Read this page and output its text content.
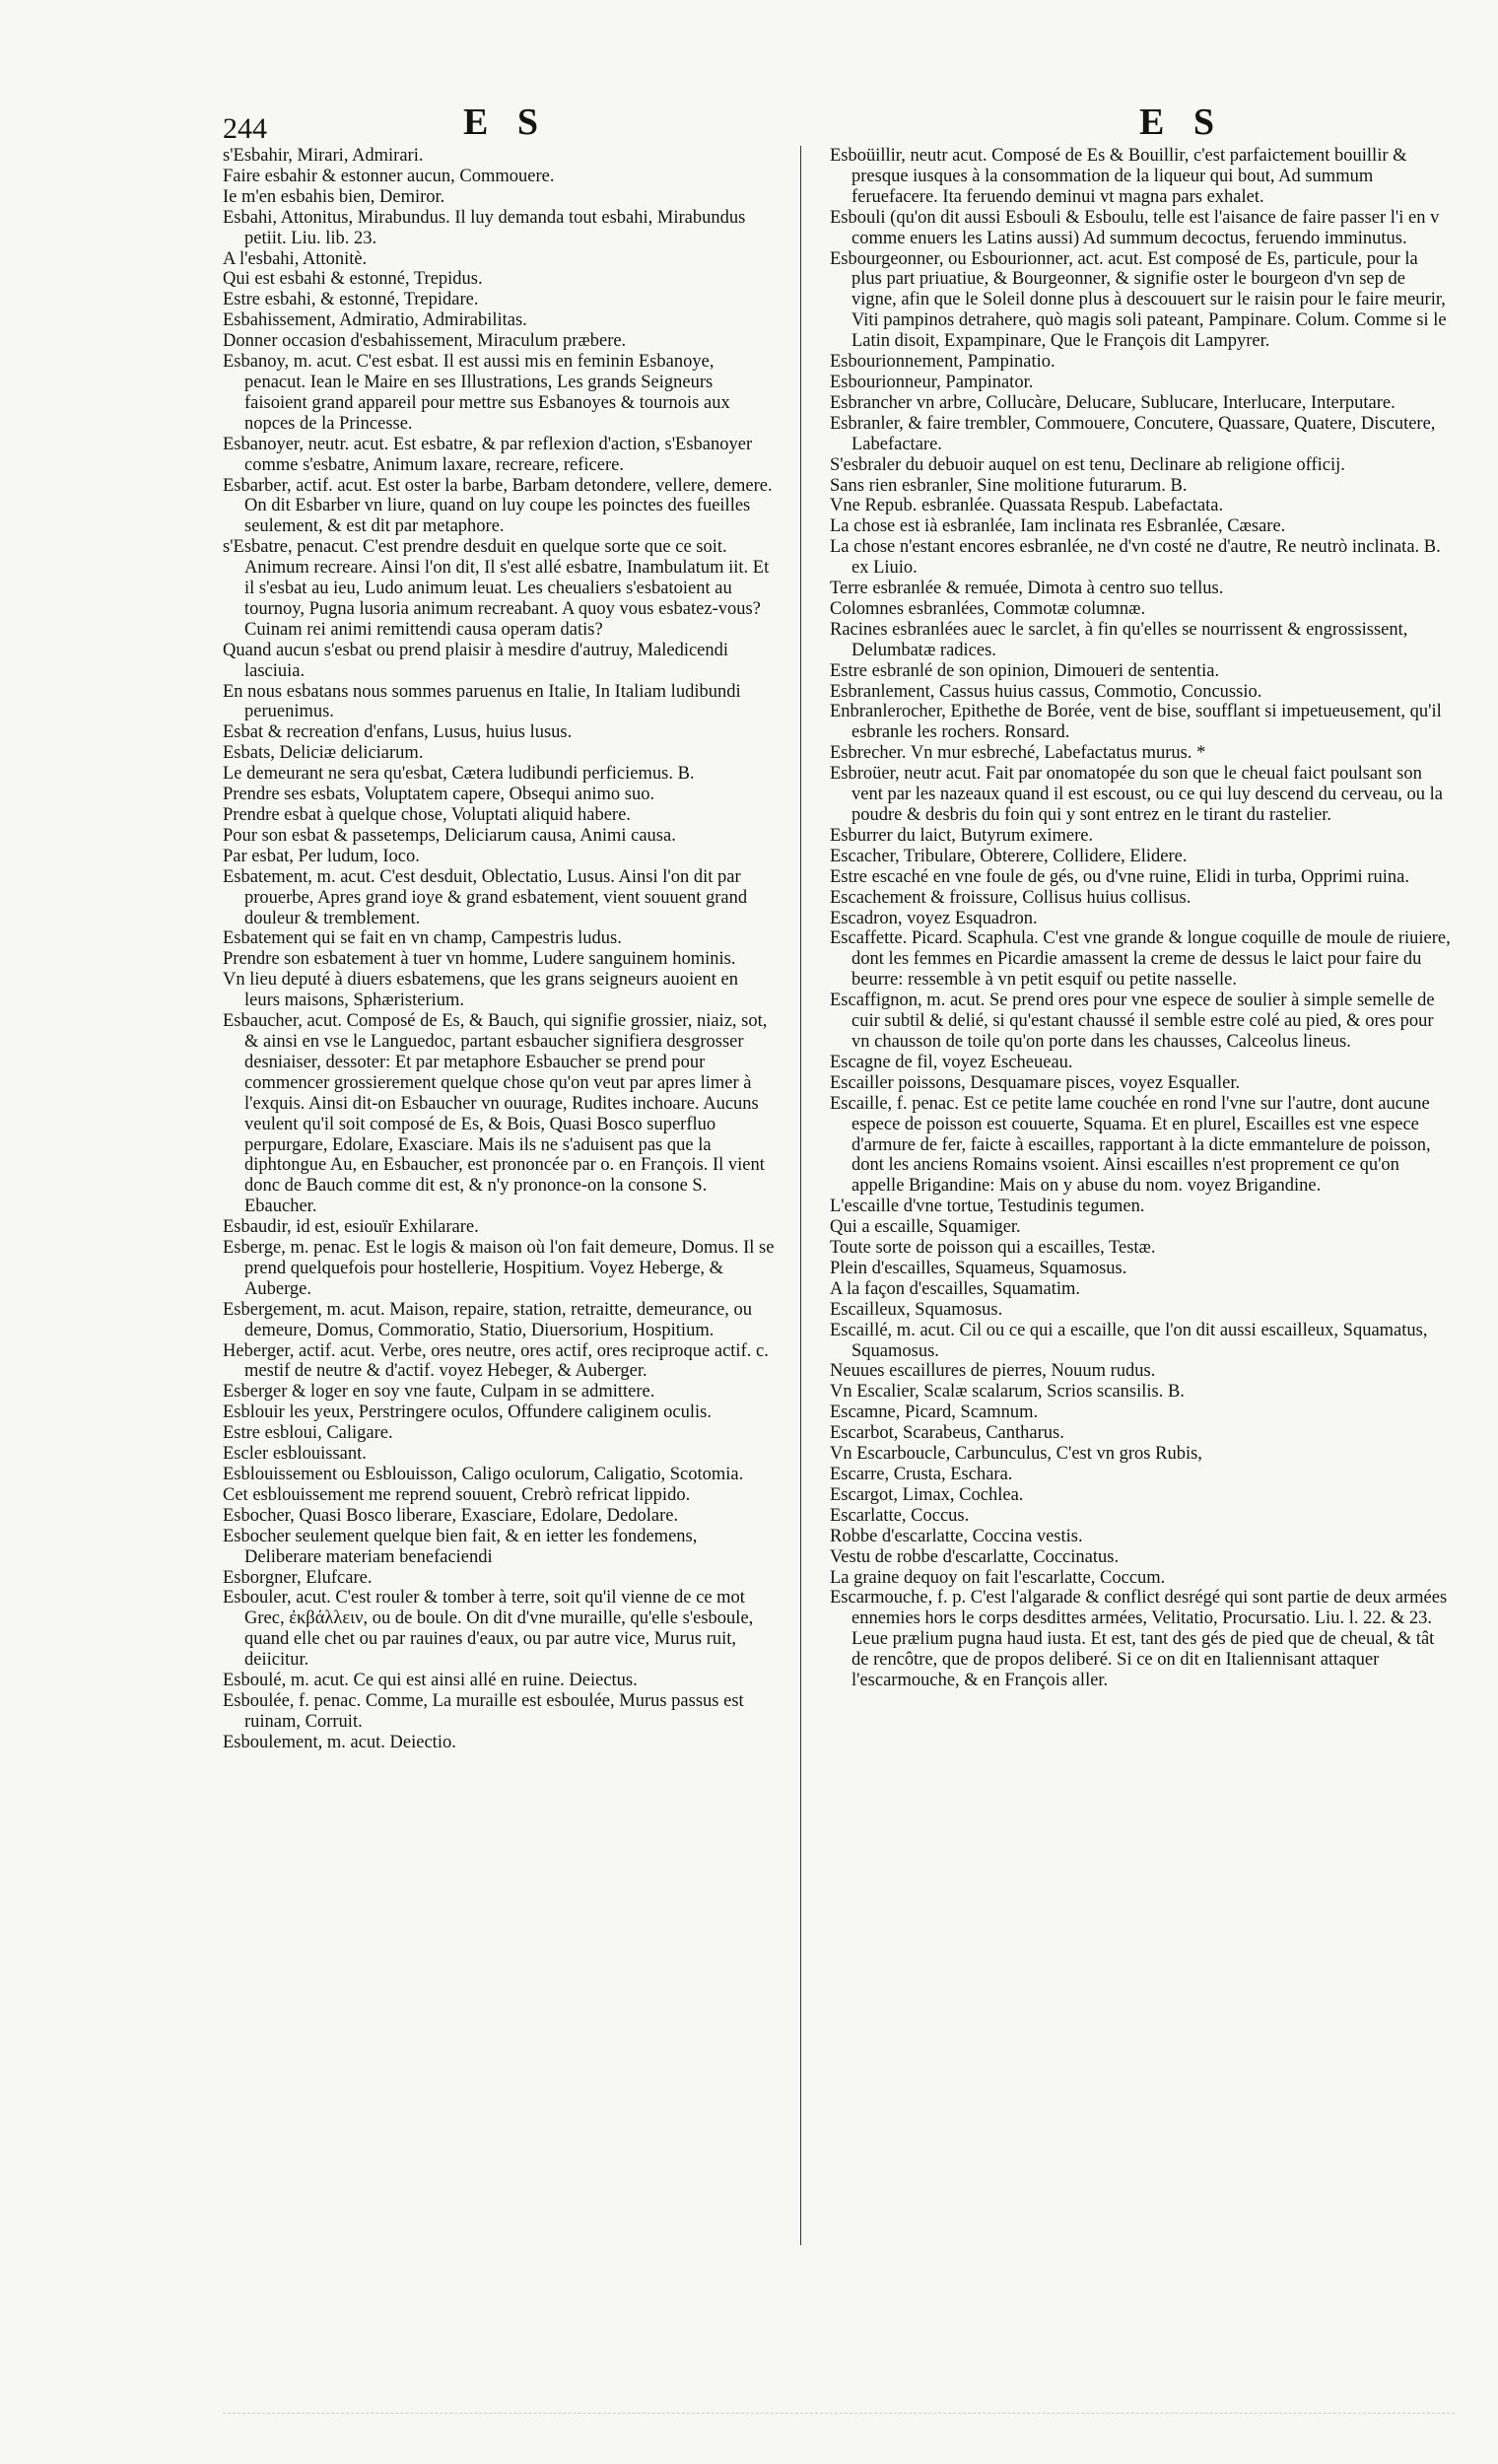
244	E S	E S

s'Esbahir, Mirari, Admirari.

Faire esbahir & estonner aucun, Commouere.

Ie m'en esbahis bien, Demiror.

Esbahi, Attonitus, Mirabundus. Il luy demanda tout esbahi, Mirabundus petiit. Liu. lib. 23.

A l'esbahi, Attonitè.

Qui est esbahi & estonné, Trepidus.

Estre esbahi, & estonné, Trepidare.

Esbahissement, Admiratio, Admirabilitas.

Donner occasion d'esbahissement, Miraculum præbere.

Esbanoy, m. acut. C'est esbat. Il est aussi mis en feminin Esbanoye, penacut. Iean le Maire en ses Illustrations, Les grands Seigneurs faisoient grand appareil pour mettre sus Esbanoyes & tournois aux nopces de la Princesse.

Esbanoyer, neutr. acut. Est esbatre, & par reflexion d'action, s'Esbanoyer comme s'esbatre, Animum laxare, recreare, reficere.

Esbarber, actif. acut. Est oster la barbe, Barbam detondere, vellere, demere. On dit Esbarber vn liure, quand on luy coupe les poinctes des fueilles seulement, & est dit par metaphore.

s'Esbatre, penacut. C'est prendre desduit en quelque sorte que ce soit. Animum recreare. Ainsi l'on dit, Il s'est allé esbatre, Inambulatum iit. Et il s'esbat au ieu, Ludo animum leuat. Les cheualiers s'esbatoient au tournoy, Pugna lusoria animum recreabant. A quoy vous esbatez-vous? Cuinam rei animi remittendi causa operam datis?

Quand aucun s'esbat ou prend plaisir à mesdire d'autruy, Maledicendi lasciuia.

En nous esbatans nous sommes paruenus en Italie, In Italiam ludibundi peruenimus.

Esbat & recreation d'enfans, Lusus, huius lusus.

Esbats, Deliciæ deliciarum.

Le demeurant ne sera qu'esbat, Cætera ludibundi perficiemus. B.

Prendre ses esbats, Voluptatem capere, Obsequi animo suo.

Prendre esbat à quelque chose, Voluptati aliquid habere.

Pour son esbat & passetemps, Deliciarum causa, Animi causa.

Par esbat, Per ludum, Ioco.

Esbatement, m. acut. C'est desduit, Oblectatio, Lusus. Ainsi l'on dit par prouerbe, Apres grand ioye & grand esbatement, vient souuent grand douleur & tremblement.

Esbatement qui se fait en vn champ, Campestris ludus.

Prendre son esbatement à tuer vn homme, Ludere sanguinem hominis.

Vn lieu deputé à diuers esbatemens, que les grans seigneurs auoient en leurs maisons, Sphæristerium.

Esbaucher, acut. Composé de Es, & Bauch, qui signifie grossier, niaiz, sot, & ainsi en vse le Languedoc, partant esbaucher signifiera desgrosser desniaiser, dessoter: Et par metaphore Esbaucher se prend pour commencer grossierement quelque chose qu'on veut par apres limer à l'exquis. Ainsi dit-on Esbaucher vn ouurage, Rudites inchoare. Aucuns veulent qu'il soit composé de Es, & Bois, Quasi Bosco superfluo perpurgare, Edolare, Exasciare. Mais ils ne s'aduisent pas que la diphtongue Au, en Esbaucher, est prononcée par o. en François. Il vient donc de Bauch comme dit est, & n'y prononce-on la consone S. Ebaucher.

Esbaudir, id est, esiouïr Exhilarare.

Esberge, m. penac. Est le logis & maison où l'on fait demeure, Domus. Il se prend quelquefois pour hostellerie, Hospitium. Voyez Heberge, & Auberge.

Esbergement, m. acut. Maison, repaire, station, retraitte, demeurance, ou demeure, Domus, Commoratio, Statio, Diuersorium, Hospitium.

Heberger, actif. acut. Verbe, ores neutre, ores actif, ores reciproque actif. c. mestif de neutre & d'actif. voyez Hebeger, & Auberger.

Esberger & loger en soy vne faute, Culpam in se admittere.

Esblouir les yeux, Perstringere oculos, Offundere caliginem oculis.

Estre esbloui, Caligare.

Escler esblouissant.

Esblouissement ou Esblouisson, Caligo oculorum, Caligatio, Scotomia.

Cet esblouissement me reprend souuent, Crebrò refricat lippido.

Esbocher, Quasi Bosco liberare, Exasciare, Edolare, Dedolare.

Esbocher seulement quelque bien fait, & en ietter les fondemens, Deliberare materiam benefaciendi

Esborgner, Elufcare.

Esbouler, acut. C'est rouler & tomber à terre, soit qu'il vienne de ce mot Grec, ἐκβάλλειν, ou de boule. On dit d'vne muraille, qu'elle s'esboule, quand elle chet ou par rauines d'eaux, ou par autre vice, Murus ruit, deiicitur.

Esboulé, m. acut. Ce qui est ainsi allé en ruine. Deiectus.

Esboulée, f. penac. Comme, La muraille est esboulée, Murus passus est ruinam, Corruit.

Esboulement, m. acut. Deiectio.

Esboüillir, neutr acut. Composé de Es & Bouillir, c'est parfaictement bouillir & presque iusques à la consommation de la liqueur qui bout, Ad summum feruefacere. Ita feruendo deminui vt magna pars exhalet.

Esbouli (qu'on dit aussi Esbouli & Esboulu, telle est l'aisance de faire passer l'i en v comme enuers les Latins aussi) Ad summum decoctus, feruendo imminutus.

Esbourgeonner, ou Esbourionner, act. acut. Est composé de Es, particule, pour la plus part priuatiue, & Bourgeonner, & signifie oster le bourgeon d'vn sep de vigne, afin que le Soleil donne plus à descouuert sur le raisin pour le faire meurir, Viti pampinos detrahere, quò magis soli pateant, Pampinare. Colum. Comme si le Latin disoit, Expampinare, Que le François dit Lampyrer.

Esbourionnement, Pampinatio.

Esbourionneur, Pampinator.

Esbrancher vn arbre, Collucàre, Delucare, Sublucare, Interlucare, Interputare.

Esbranler, & faire trembler, Commouere, Concutere, Quassare, Quatere, Discutere, Labefactare.

S'esbraler du debuoir auquel on est tenu, Declinare ab religione officij.

Sans rien esbranler, Sine molitione futurarum. B.

Vne Repub. esbranlée. Quassata Respub. Labefactata.

La chose est ià esbranlée, Iam inclinata res Esbranlée, Cæsare.

La chose n'estant encores esbranlée, ne d'vn costé ne d'autre, Re neutrò inclinata. B. ex Liuio.

Terre esbranlée & remuée, Dimota à centro suo tellus.

Colomnes esbranlées, Commotæ columnæ.

Racines esbranlées auec le sarclet, à fin qu'elles se nourrissent & engrossissent, Delumbatæ radices.

Estre esbranlé de son opinion, Dimoueri de sententia.

Esbranlement, Cassus huius cassus, Commotio, Concussio.

Enbranlerocher, Epithethe de Borée, vent de bise, soufflant si impetueusement, qu'il esbranle les rochers. Ronsard.

Esbrecher. Vn mur esbreché, Labefactatus murus. *

Esbroüer, neutr acut. Fait par onomatopée du son que le cheual faict poulsant son vent par les nazeaux quand il est escoust, ou ce qui luy descend du cerveau, ou la poudre & desbris du foin qui y sont entrez en le tirant du rastelier.

Esburrer du laict, Butyrum eximere.

Escacher, Tribulare, Obterere, Collidere, Elidere.

Estre escaché en vne foule de gés, ou d'vne ruine, Elidi in turba, Opprimi ruina.

Escachement & froissure, Collisus huius collisus.

Escadron, voyez Esquadron.

Escaffette. Picard. Scaphula. C'est vne grande & longue coquille de moule de riuiere, dont les femmes en Picardie amassent la creme de dessus le laict pour faire du beurre: ressemble à vn petit esquif ou petite nasselle.

Escaffignon, m. acut. Se prend ores pour vne espece de soulier à simple semelle de cuir subtil & delié, si qu'estant chaussé il semble estre colé au pied, & ores pour vn chausson de toile qu'on porte dans les chausses, Calceolus lineus.

Escagne de fil, voyez Escheueau.

Escailler poissons, Desquamare pisces, voyez Esqualler.

Escaille, f. penac. Est ce petite lame couchée en rond l'vne sur l'autre, dont aucune espece de poisson est couuerte, Squama. Et en plurel, Escailles est vne espece d'armure de fer, faicte à escailles, rapportant à la dicte emmantelure de poisson, dont les anciens Romains vsoient. Ainsi escailles n'est proprement ce qu'on appelle Brigandine: Mais on y abuse du nom. voyez Brigandine.

L'escaille d'vne tortue, Testudinis tegumen.

Qui a escaille, Squamiger.

Toute sorte de poisson qui a escailles, Testæ.

Plein d'escailles, Squameus, Squamosus.

A la façon d'escailles, Squamatim.

Escailleux, Squamosus.

Escaillé, m. acut. Cil ou ce qui a escaille, que l'on dit aussi escailleux, Squamatus, Squamosus.

Neuues escaillures de pierres, Nouum rudus.

Vn Escalier, Scalæ scalarum, Scrios scansilis. B.

Escamne, Picard, Scamnum.

Escarbot, Scarabeus, Cantharus.

Vn Escarboucle, Carbunculus, C'est vn gros Rubis,

Escarre, Crusta, Eschara.

Escargot, Limax, Cochlea.

Escarlatte, Coccus.

Robbe d'escarlatte, Coccina vestis.

Vestu de robbe d'escarlatte, Coccinatus.

La graine dequoy on fait l'escarlatte, Coccum.

Escarmouche, f. p. C'est l'algarade & conflict desrégé qui sont partie de deux armées ennemies hors le corps desdittes armées, Velitatio, Procursatio. Liu. l. 22. & 23. Leue prælium pugna haud iusta. Et est, tant des gés de pied que de cheual, & tât de rencôtre, que de propos deliberé. Si ce on dit en Italiennisant attaquer l'escarmouche, & en François aller.
